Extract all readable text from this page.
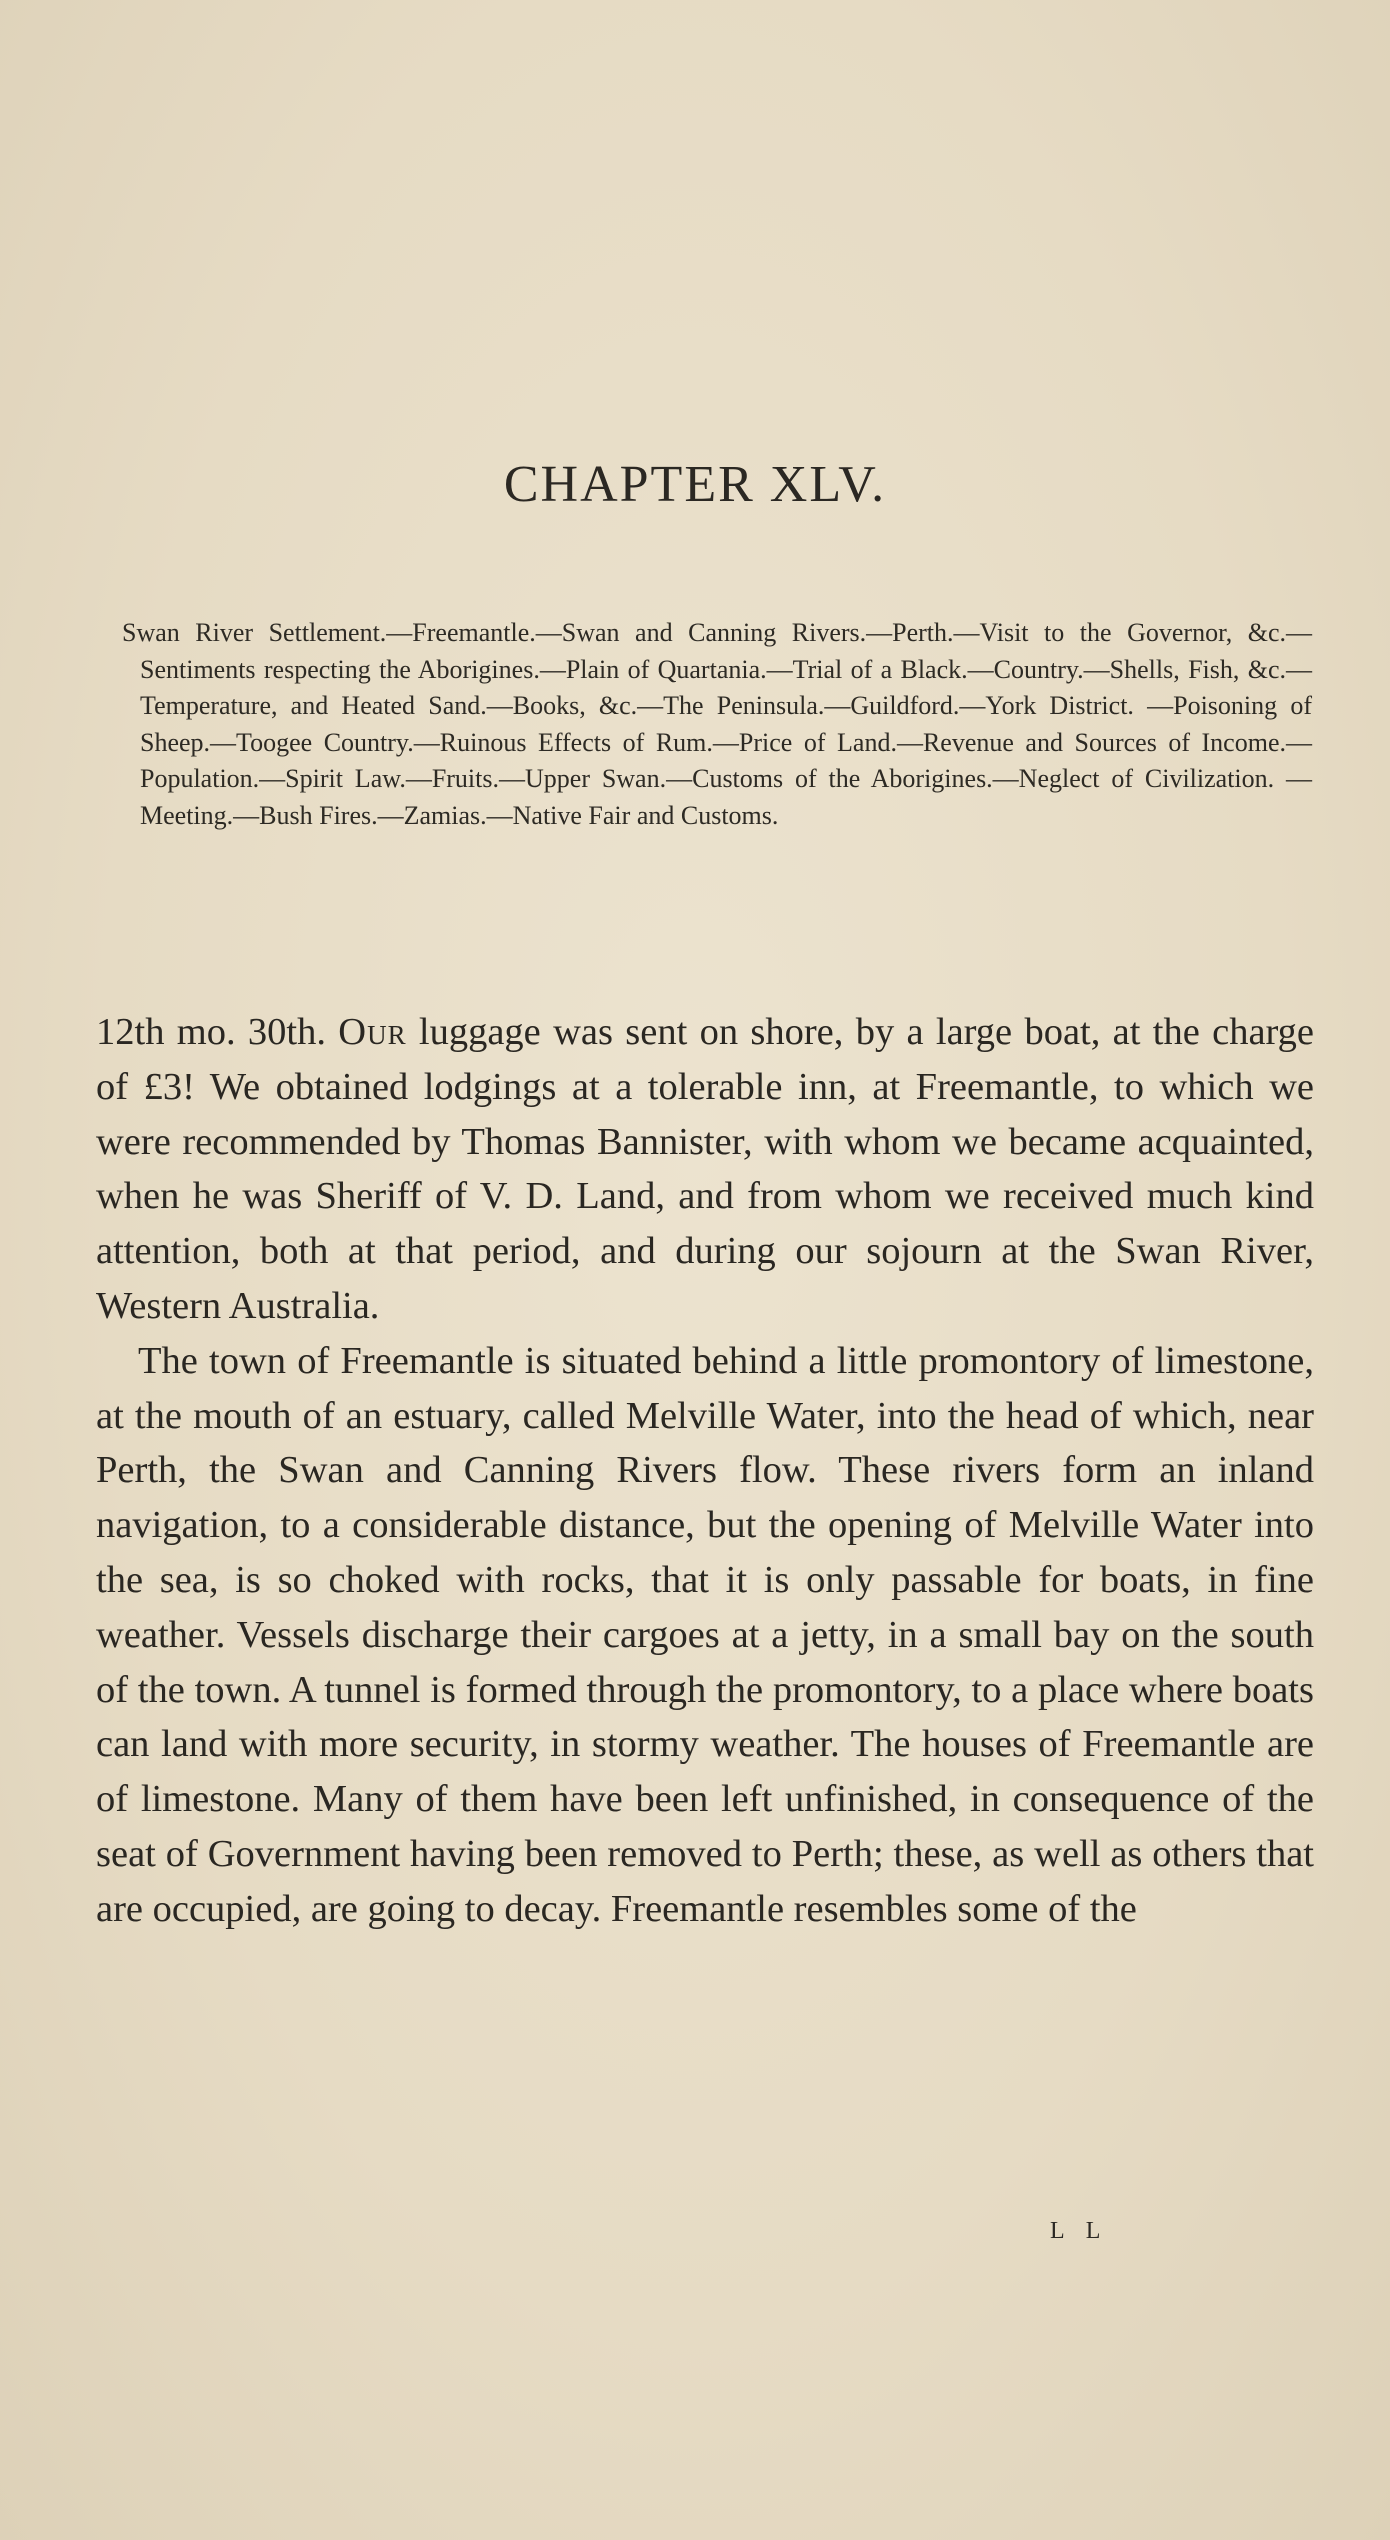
CHAPTER XLV.
Swan River Settlement.—Freemantle.—Swan and Canning Rivers.—Perth.—Visit to the Governor, &c.—Sentiments respecting the Aborigines.—Plain of Quartania.—Trial of a Black.—Country.—Shells, Fish, &c.—Temperature, and Heated Sand.—Books, &c.—The Peninsula.—Guildford.—York District. —Poisoning of Sheep.—Toogee Country.—Ruinous Effects of Rum.—Price of Land.—Revenue and Sources of Income.—Population.—Spirit Law.—Fruits.—Upper Swan.—Customs of the Aborigines.—Neglect of Civilization. —Meeting.—Bush Fires.—Zamias.—Native Fair and Customs.

12th mo. 30th. Our luggage was sent on shore, by a large boat, at the charge of £3! We obtained lodgings at a tolerable inn, at Freemantle, to which we were recommended by Thomas Bannister, with whom we became acquainted, when he was Sheriff of V. D. Land, and from whom we received much kind attention, both at that period, and during our sojourn at the Swan River, Western Australia.

The town of Freemantle is situated behind a little promontory of limestone, at the mouth of an estuary, called Melville Water, into the head of which, near Perth, the Swan and Canning Rivers flow. These rivers form an inland navigation, to a considerable distance, but the opening of Melville Water into the sea, is so choked with rocks, that it is only passable for boats, in fine weather. Vessels discharge their cargoes at a jetty, in a small bay on the south of the town. A tunnel is formed through the promontory, to a place where boats can land with more security, in stormy weather. The houses of Freemantle are of limestone. Many of them have been left unfinished, in consequence of the seat of Government having been removed to Perth; these, as well as others that are occupied, are going to decay. Freemantle resembles some of the

L L
